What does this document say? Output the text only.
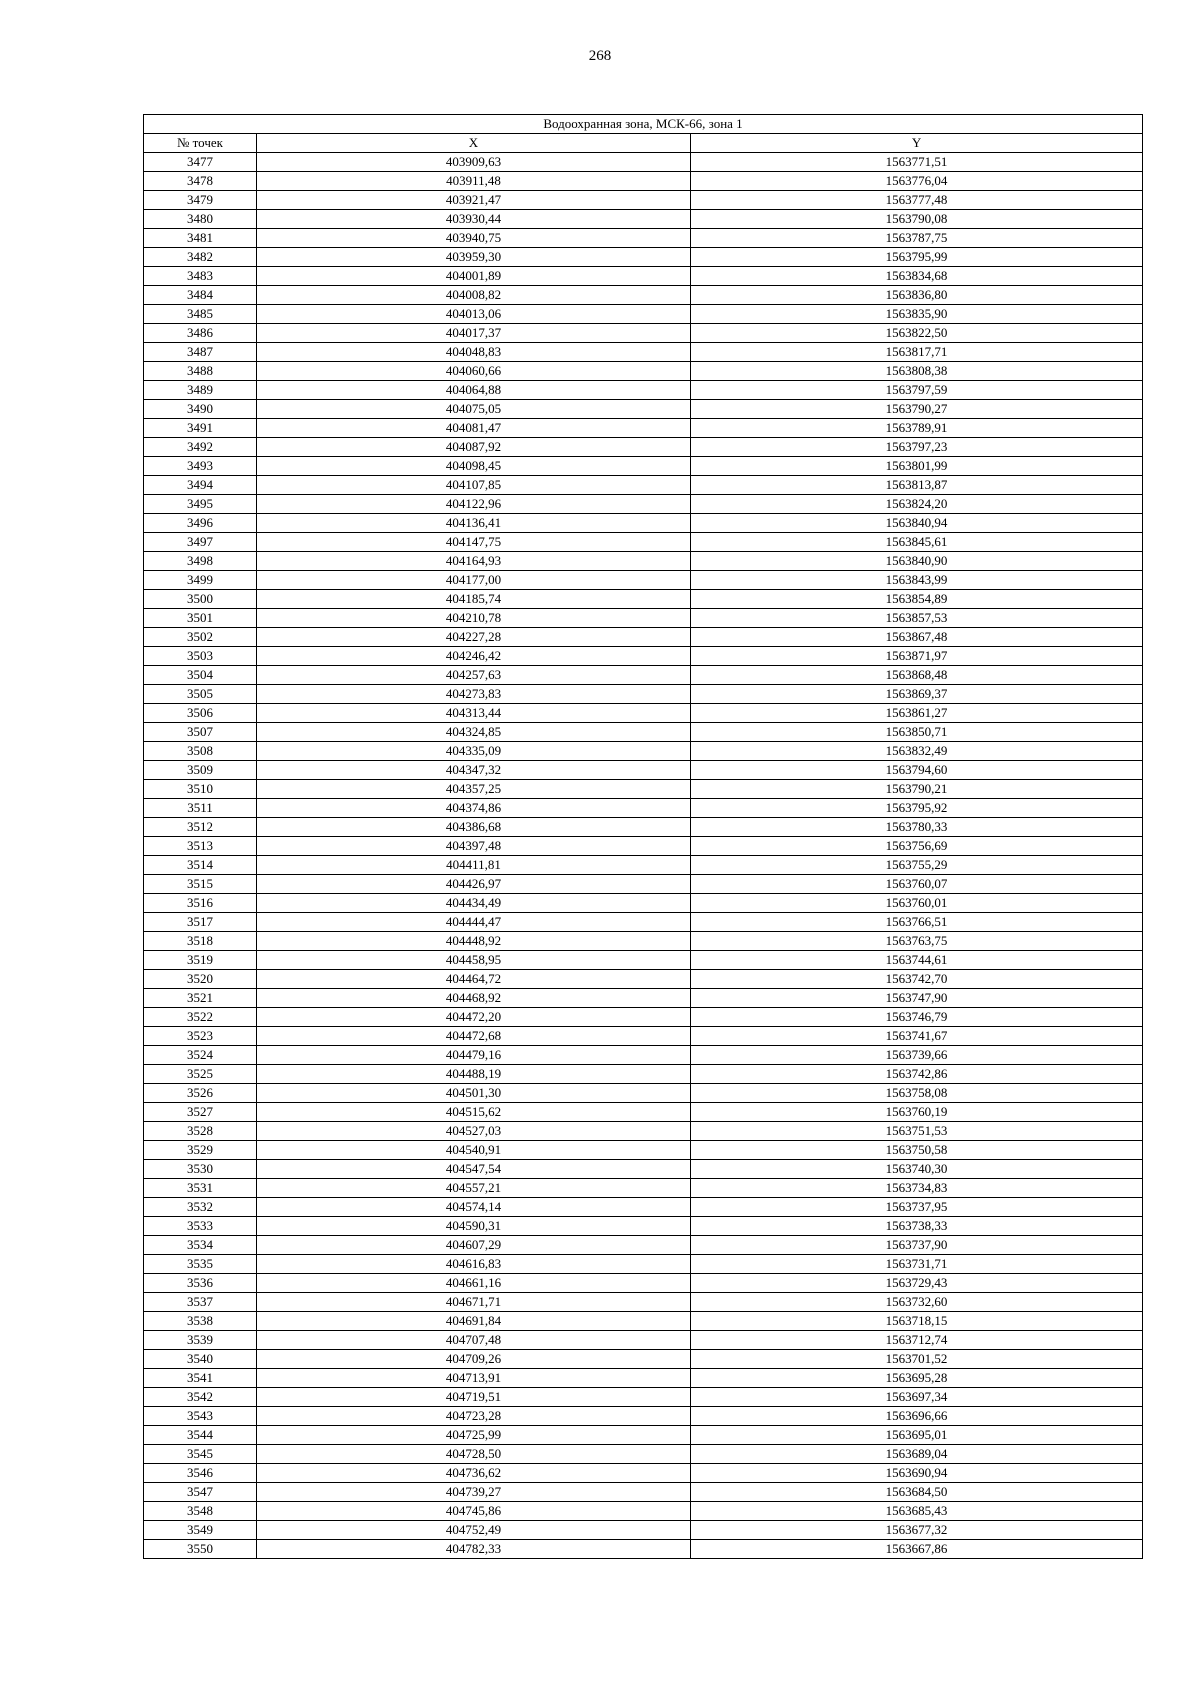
268
Водоохранная зона, МСК-66, зона 1		
№ точек	X	Y
3477	403909,63	1563771,51
3478	403911,48	1563776,04
3479	403921,47	1563777,48
3480	403930,44	1563790,08
3481	403940,75	1563787,75
3482	403959,30	1563795,99
3483	404001,89	1563834,68
3484	404008,82	1563836,80
3485	404013,06	1563835,90
3486	404017,37	1563822,50
3487	404048,83	1563817,71
3488	404060,66	1563808,38
3489	404064,88	1563797,59
3490	404075,05	1563790,27
3491	404081,47	1563789,91
3492	404087,92	1563797,23
3493	404098,45	1563801,99
3494	404107,85	1563813,87
3495	404122,96	1563824,20
3496	404136,41	1563840,94
3497	404147,75	1563845,61
3498	404164,93	1563840,90
3499	404177,00	1563843,99
3500	404185,74	1563854,89
3501	404210,78	1563857,53
3502	404227,28	1563867,48
3503	404246,42	1563871,97
3504	404257,63	1563868,48
3505	404273,83	1563869,37
3506	404313,44	1563861,27
3507	404324,85	1563850,71
3508	404335,09	1563832,49
3509	404347,32	1563794,60
3510	404357,25	1563790,21
3511	404374,86	1563795,92
3512	404386,68	1563780,33
3513	404397,48	1563756,69
3514	404411,81	1563755,29
3515	404426,97	1563760,07
3516	404434,49	1563760,01
3517	404444,47	1563766,51
3518	404448,92	1563763,75
3519	404458,95	1563744,61
3520	404464,72	1563742,70
3521	404468,92	1563747,90
3522	404472,20	1563746,79
3523	404472,68	1563741,67
3524	404479,16	1563739,66
3525	404488,19	1563742,86
3526	404501,30	1563758,08
3527	404515,62	1563760,19
3528	404527,03	1563751,53
3529	404540,91	1563750,58
3530	404547,54	1563740,30
3531	404557,21	1563734,83
3532	404574,14	1563737,95
3533	404590,31	1563738,33
3534	404607,29	1563737,90
3535	404616,83	1563731,71
3536	404661,16	1563729,43
3537	404671,71	1563732,60
3538	404691,84	1563718,15
3539	404707,48	1563712,74
3540	404709,26	1563701,52
3541	404713,91	1563695,28
3542	404719,51	1563697,34
3543	404723,28	1563696,66
3544	404725,99	1563695,01
3545	404728,50	1563689,04
3546	404736,62	1563690,94
3547	404739,27	1563684,50
3548	404745,86	1563685,43
3549	404752,49	1563677,32
3550	404782,33	1563667,86
